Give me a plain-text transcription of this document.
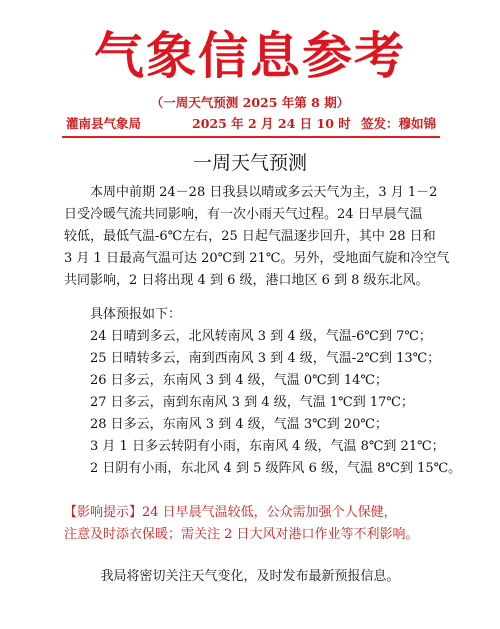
气象信息参考
（一周天气预测 2025 年第 8 期）
灌南县气象局	2025 年 2 月 24 日 10 时 签发：穆如锦
一周天气预测
本周中前期 24－28 日我县以晴或多云天气为主，3 月 1－2
日受冷暖气流共同影响，有一次小雨天气过程。24 日早晨气温
较低，最低气温-6℃左右，25 日起气温逐步回升，其中 28 日和
3 月 1 日最高气温可达 20℃到 21℃。另外，受地面气旋和冷空气
共同影响，2 日将出现 4 到 6 级，港口地区 6 到 8 级东北风。
具体预报如下：
24 日晴到多云，北风转南风 3 到 4 级，气温-6℃到 7℃；
25 日晴转多云，南到西南风 3 到 4 级，气温-2℃到 13℃；
26 日多云，东南风 3 到 4 级，气温 0℃到 14℃；
27 日多云，南到东南风 3 到 4 级，气温 1℃到 17℃；
28 日多云，东南风 3 到 4 级，气温 3℃到 20℃；
3 月 1 日多云转阴有小雨，东南风 4 级，气温 8℃到 21℃；
2 日阴有小雨，东北风 4 到 5 级阵风 6 级，气温 8℃到 15℃。
【影响提示】24 日早晨气温较低，公众需加强个人保健，
注意及时添衣保暖；需关注 2 日大风对港口作业等不利影响。
我局将密切关注天气变化，及时发布最新预报信息。
